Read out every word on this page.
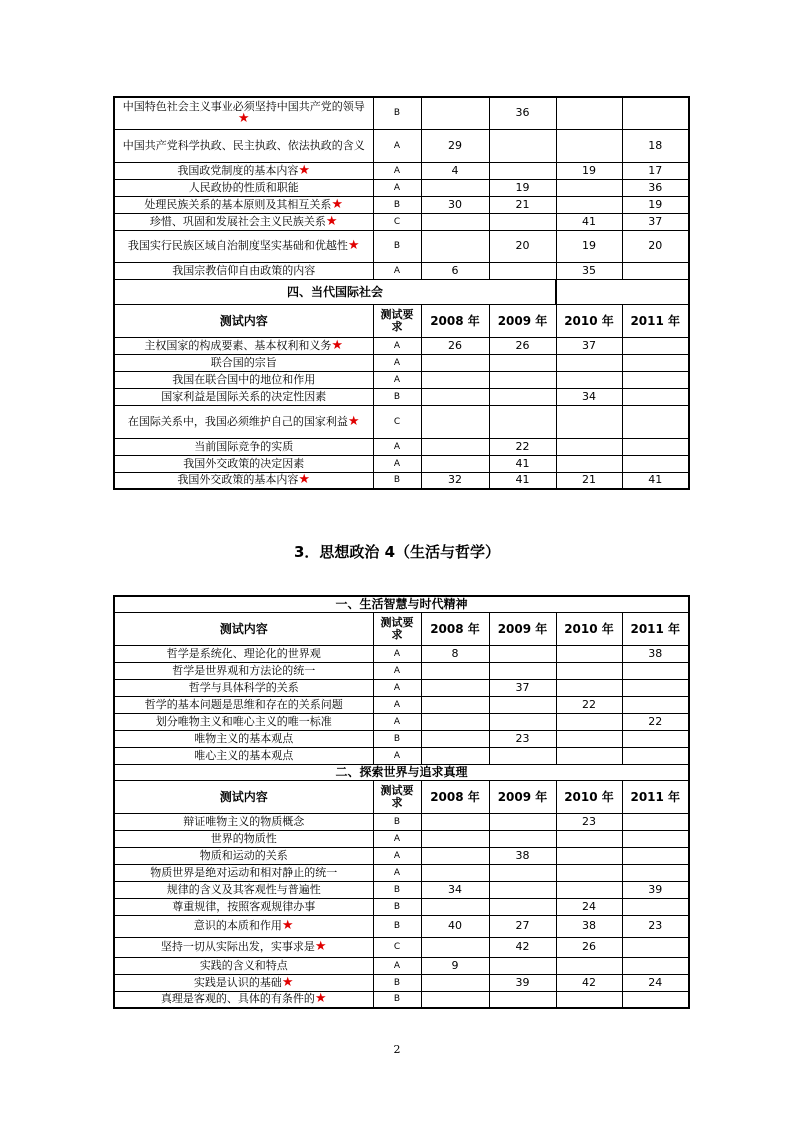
中国特色社会主义事业必须坚持中国共产党的领导★	B		36		
中国共产党科学执政、民主执政、依法执政的含义	A	29			18
我国政党制度的基本内容★	A	4		19	17
人民政协的性质和职能	A		19		36
处理民族关系的基本原则及其相互关系★	B	30	21		19
珍惜、巩固和发展社会主义民族关系★	C			41	37
我国实行民族区域自治制度坚实基础和优越性★	B		20	19	20
我国宗教信仰自由政策的内容	A	6		35	
四、当代国际社会					
测试内容	测试要求	2008 年	2009 年	2010 年	2011 年
主权国家的构成要素、基本权利和义务★	A	26	26	37	
联合国的宗旨	A				
我国在联合国中的地位和作用	A				
国家利益是国际关系的决定性因素	B			34	
在国际关系中，我国必须维护自己的国家利益★	C				
当前国际竞争的实质	A		22		
我国外交政策的决定因素	A		41		
我国外交政策的基本内容★	B	32	41	21	41
3．思想政治 4（生活与哲学）
一、生活智慧与时代精神					
测试内容	测试要求	2008 年	2009 年	2010 年	2011 年
哲学是系统化、理论化的世界观	A	8			38
哲学是世界观和方法论的统一	A				
哲学与具体科学的关系	A		37		
哲学的基本问题是思维和存在的关系问题	A			22	
划分唯物主义和唯心主义的唯一标准	A				22
唯物主义的基本观点	B		23		
唯心主义的基本观点	A				
二、探索世界与追求真理					
测试内容	测试要求	2008 年	2009 年	2010 年	2011 年
辩证唯物主义的物质概念	B			23	
世界的物质性	A				
物质和运动的关系	A		38		
物质世界是绝对运动和相对静止的统一	A				
规律的含义及其客观性与普遍性	B	34			39
尊重规律，按照客观规律办事	B			24	
意识的本质和作用★	B	40	27	38	23
坚持一切从实际出发，实事求是★	C		42	26	
实践的含义和特点	A	9			
实践是认识的基础★	B		39	42	24
真理是客观的、具体的有条件的★	B				
2
